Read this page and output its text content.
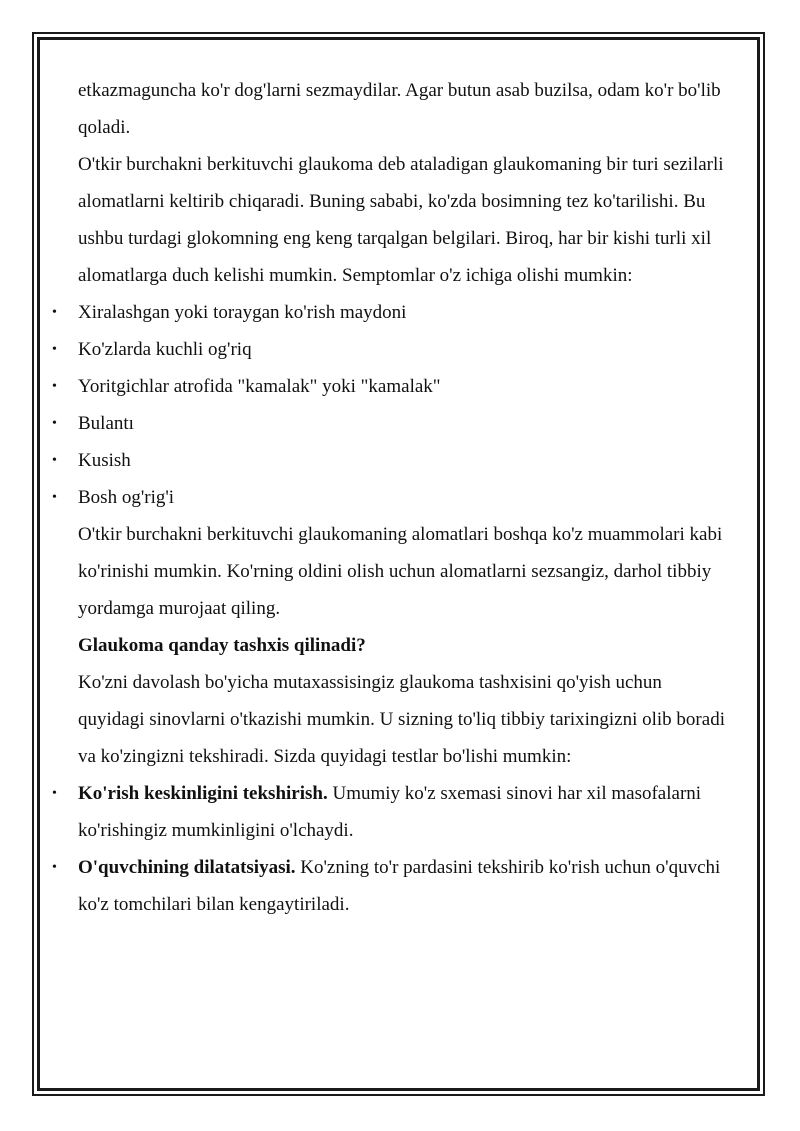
etkazmaguncha ko'r dog'larni sezmaydilar. Agar butun asab buzilsa, odam ko'r bo'lib qoladi.

O'tkir burchakni berkituvchi glaukoma deb ataladigan glaukomaning bir turi sezilarli alomatlarni keltirib chiqaradi. Buning sababi, ko'zda bosimning tez ko'tarilishi. Bu ushbu turdagi glokomning eng keng tarqalgan belgilari. Biroq, har bir kishi turli xil alomatlarga duch kelishi mumkin. Semptomlar o'z ichiga olishi mumkin:

• Xiralashgan yoki toraygan ko'rish maydoni
• Ko'zlarda kuchli og'riq
• Yoritgichlar atrofida "kamalak" yoki "kamalak"
• Bulantı
• Kusish
• Bosh og'rig'i

O'tkir burchakni berkituvchi glaukomaning alomatlari boshqa ko'z muammolari kabi ko'rinishi mumkin. Ko'rning oldini olish uchun alomatlarni sezsangiz, darhol tibbiy yordamga murojaat qiling.

Glaukoma qanday tashxis qilinadi?

Ko'zni davolash bo'yicha mutaxassisingiz glaukoma tashxisini qo'yish uchun quyidagi sinovlarni o'tkazishi mumkin. U sizning to'liq tibbiy tarixingizni olib boradi va ko'zingizni tekshiradi. Sizda quyidagi testlar bo'lishi mumkin:

• Ko'rish keskinligini tekshirish. Umumiy ko'z sxemasi sinovi har xil masofalarni ko'rishingiz mumkinligini o'lchaydi.
• O'quvchining dilatatsiyasi. Ko'zning to'r pardasini tekshirib ko'rish uchun o'quvchi ko'z tomchilari bilan kengaytiriladi.
